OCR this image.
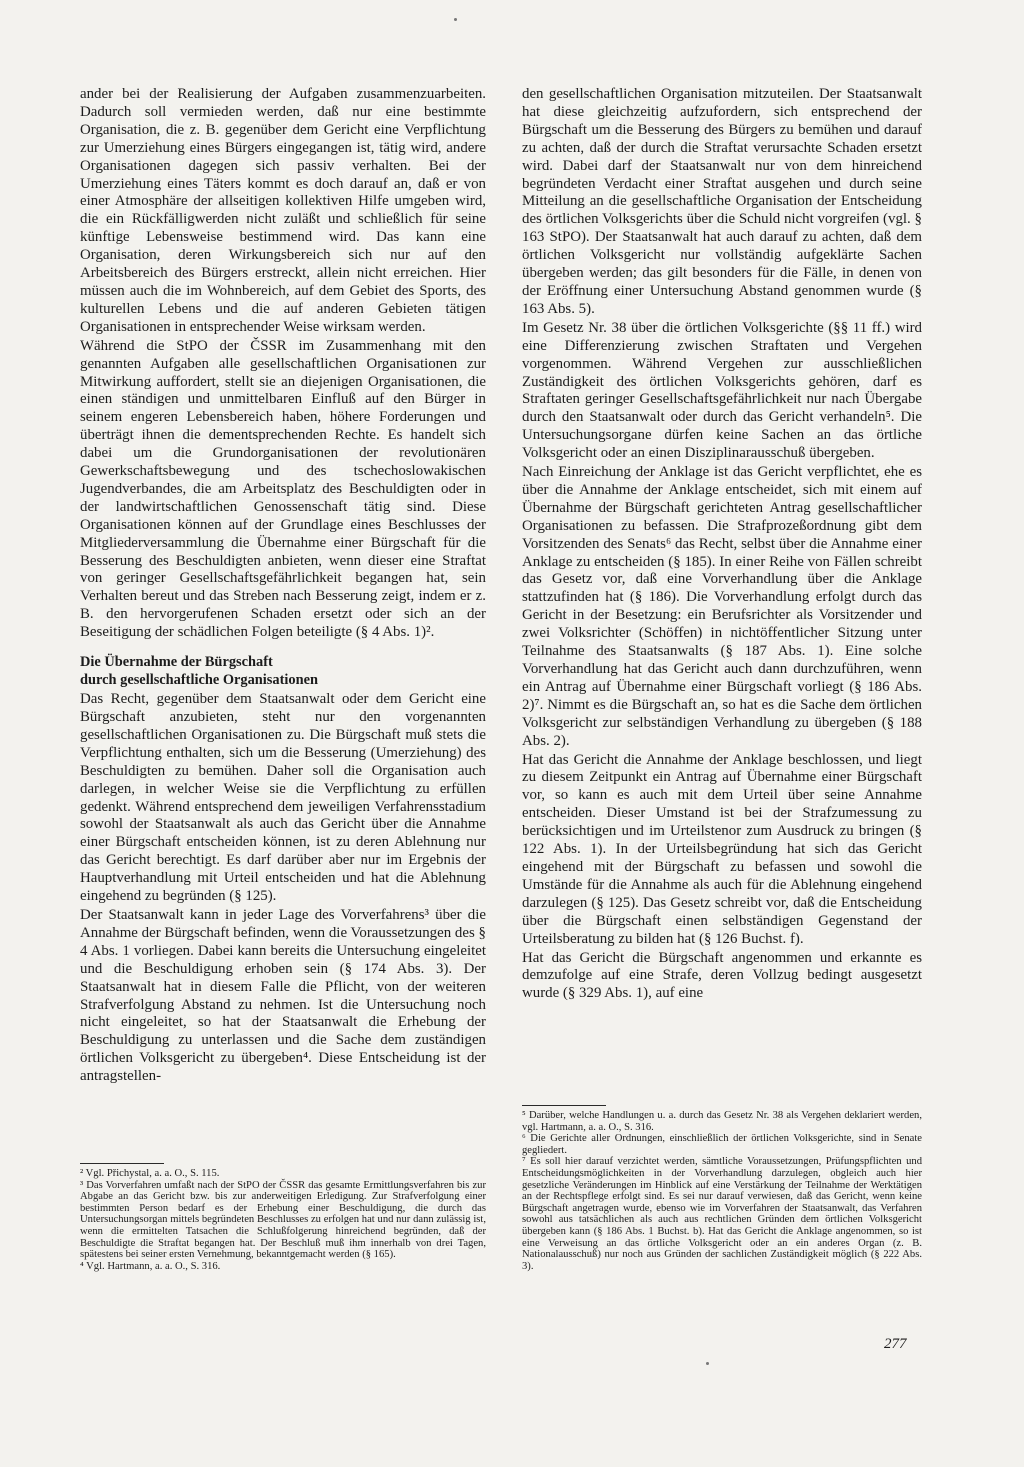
ander bei der Realisierung der Aufgaben zusammenzuarbeiten. Dadurch soll vermieden werden, daß nur eine bestimmte Organisation, die z. B. gegenüber dem Gericht eine Verpflichtung zur Umerziehung eines Bürgers eingegangen ist, tätig wird, andere Organisationen dagegen sich passiv verhalten. Bei der Umerziehung eines Täters kommt es doch darauf an, daß er von einer Atmosphäre der allseitigen kollektiven Hilfe umgeben wird, die ein Rückfälligwerden nicht zuläßt und schließlich für seine künftige Lebensweise bestimmend wird. Das kann eine Organisation, deren Wirkungsbereich sich nur auf den Arbeitsbereich des Bürgers erstreckt, allein nicht erreichen. Hier müssen auch die im Wohnbereich, auf dem Gebiet des Sports, des kulturellen Lebens und die auf anderen Gebieten tätigen Organisationen in entsprechender Weise wirksam werden.

Während die StPO der ČSSR im Zusammenhang mit den genannten Aufgaben alle gesellschaftlichen Organisationen zur Mitwirkung auffordert, stellt sie an diejenigen Organisationen, die einen ständigen und unmittelbaren Einfluß auf den Bürger in seinem engeren Lebensbereich haben, höhere Forderungen und überträgt ihnen die dementsprechenden Rechte. Es handelt sich dabei um die Grundorganisationen der revolutionären Gewerkschaftsbewegung und des tschechoslowakischen Jugendverbandes, die am Arbeitsplatz des Beschuldigten oder in der landwirtschaftlichen Genossenschaft tätig sind. Diese Organisationen können auf der Grundlage eines Beschlusses der Mitgliederversammlung die Übernahme einer Bürgschaft für die Besserung des Beschuldigten anbieten, wenn dieser eine Straftat von geringer Gesellschaftsgefährlichkeit begangen hat, sein Verhalten bereut und das Streben nach Besserung zeigt, indem er z. B. den hervorgerufenen Schaden ersetzt oder sich an der Beseitigung der schädlichen Folgen beteiligte (§ 4 Abs. 1)².

Die Übernahme der Bürgschaft
durch gesellschaftliche Organisationen

Das Recht, gegenüber dem Staatsanwalt oder dem Gericht eine Bürgschaft anzubieten, steht nur den vorgenannten gesellschaftlichen Organisationen zu. Die Bürgschaft muß stets die Verpflichtung enthalten, sich um die Besserung (Umerziehung) des Beschuldigten zu bemühen. Daher soll die Organisation auch darlegen, in welcher Weise sie die Verpflichtung zu erfüllen gedenkt. Während entsprechend dem jeweiligen Verfahrensstadium sowohl der Staatsanwalt als auch das Gericht über die Annahme einer Bürgschaft entscheiden können, ist zu deren Ablehnung nur das Gericht berechtigt. Es darf darüber aber nur im Ergebnis der Hauptverhandlung mit Urteil entscheiden und hat die Ablehnung eingehend zu begründen (§ 125).

Der Staatsanwalt kann in jeder Lage des Vorverfahrens³ über die Annahme der Bürgschaft befinden, wenn die Voraussetzungen des § 4 Abs. 1 vorliegen. Dabei kann bereits die Untersuchung eingeleitet und die Beschuldigung erhoben sein (§ 174 Abs. 3). Der Staatsanwalt hat in diesem Falle die Pflicht, von der weiteren Strafverfolgung Abstand zu nehmen. Ist die Untersuchung noch nicht eingeleitet, so hat der Staatsanwalt die Erhebung der Beschuldigung zu unterlassen und die Sache dem zuständigen örtlichen Volksgericht zu übergeben⁴. Diese Entscheidung ist der antragstellen-

den gesellschaftlichen Organisation mitzuteilen. Der Staatsanwalt hat diese gleichzeitig aufzufordern, sich entsprechend der Bürgschaft um die Besserung des Bürgers zu bemühen und darauf zu achten, daß der durch die Straftat verursachte Schaden ersetzt wird. Dabei darf der Staatsanwalt nur von dem hinreichend begründeten Verdacht einer Straftat ausgehen und durch seine Mitteilung an die gesellschaftliche Organisation der Entscheidung des örtlichen Volksgerichts über die Schuld nicht vorgreifen (vgl. § 163 StPO). Der Staatsanwalt hat auch darauf zu achten, daß dem örtlichen Volksgericht nur vollständig aufgeklärte Sachen übergeben werden; das gilt besonders für die Fälle, in denen von der Eröffnung einer Untersuchung Abstand genommen wurde (§ 163 Abs. 5).

Im Gesetz Nr. 38 über die örtlichen Volksgerichte (§§ 11 ff.) wird eine Differenzierung zwischen Straftaten und Vergehen vorgenommen. Während Vergehen zur ausschließlichen Zuständigkeit des örtlichen Volksgerichts gehören, darf es Straftaten geringer Gesellschaftsgefährlichkeit nur nach Übergabe durch den Staatsanwalt oder durch das Gericht verhandeln⁵. Die Untersuchungsorgane dürfen keine Sachen an das örtliche Volksgericht oder an einen Disziplinarausschuß übergeben.

Nach Einreichung der Anklage ist das Gericht verpflichtet, ehe es über die Annahme der Anklage entscheidet, sich mit einem auf Übernahme der Bürgschaft gerichteten Antrag gesellschaftlicher Organisationen zu befassen. Die Strafprozeßordnung gibt dem Vorsitzenden des Senats⁶ das Recht, selbst über die Annahme einer Anklage zu entscheiden (§ 185). In einer Reihe von Fällen schreibt das Gesetz vor, daß eine Vorverhandlung über die Anklage stattzufinden hat (§ 186). Die Vorverhandlung erfolgt durch das Gericht in der Besetzung: ein Berufsrichter als Vorsitzender und zwei Volksrichter (Schöffen) in nichtöffentlicher Sitzung unter Teilnahme des Staatsanwalts (§ 187 Abs. 1). Eine solche Vorverhandlung hat das Gericht auch dann durchzuführen, wenn ein Antrag auf Übernahme einer Bürgschaft vorliegt (§ 186 Abs. 2)⁷. Nimmt es die Bürgschaft an, so hat es die Sache dem örtlichen Volksgericht zur selbständigen Verhandlung zu übergeben (§ 188 Abs. 2).

Hat das Gericht die Annahme der Anklage beschlossen, und liegt zu diesem Zeitpunkt ein Antrag auf Übernahme einer Bürgschaft vor, so kann es auch mit dem Urteil über seine Annahme entscheiden. Dieser Umstand ist bei der Strafzumessung zu berücksichtigen und im Urteilstenor zum Ausdruck zu bringen (§ 122 Abs. 1). In der Urteilsbegründung hat sich das Gericht eingehend mit der Bürgschaft zu befassen und sowohl die Umstände für die Annahme als auch für die Ablehnung eingehend darzulegen (§ 125). Das Gesetz schreibt vor, daß die Entscheidung über die Bürgschaft einen selbständigen Gegenstand der Urteilsberatung zu bilden hat (§ 126 Buchst. f).

Hat das Gericht die Bürgschaft angenommen und erkannte es demzufolge auf eine Strafe, deren Vollzug bedingt ausgesetzt wurde (§ 329 Abs. 1), auf eine

² Vgl. Přichystal, a. a. O., S. 115.

³ Das Vorverfahren umfaßt nach der StPO der ČSSR das gesamte Ermittlungsverfahren bis zur Abgabe an das Gericht bzw. bis zur anderweitigen Erledigung. Zur Strafverfolgung einer bestimmten Person bedarf es der Erhebung einer Beschuldigung, die durch das Untersuchungsorgan mittels begründeten Beschlusses zu erfolgen hat und nur dann zulässig ist, wenn die ermittelten Tatsachen die Schlußfolgerung hinreichend begründen, daß der Beschuldigte die Straftat begangen hat. Der Beschluß muß ihm innerhalb von drei Tagen, spätestens bei seiner ersten Vernehmung, bekanntgemacht werden (§ 165).

⁴ Vgl. Hartmann, a. a. O., S. 316.

⁵ Darüber, welche Handlungen u. a. durch das Gesetz Nr. 38 als Vergehen deklariert werden, vgl. Hartmann, a. a. O., S. 316.

⁶ Die Gerichte aller Ordnungen, einschließlich der örtlichen Volksgerichte, sind in Senate gegliedert.

⁷ Es soll hier darauf verzichtet werden, sämtliche Voraussetzungen, Prüfungspflichten und Entscheidungsmöglichkeiten in der Vorverhandlung darzulegen, obgleich auch hier gesetzliche Veränderungen im Hinblick auf eine Verstärkung der Teilnahme der Werktätigen an der Rechtspflege erfolgt sind. Es sei nur darauf verwiesen, daß das Gericht, wenn keine Bürgschaft angetragen wurde, ebenso wie im Vorverfahren der Staatsanwalt, das Verfahren sowohl aus tatsächlichen als auch aus rechtlichen Gründen dem örtlichen Volksgericht übergeben kann (§ 186 Abs. 1 Buchst. b). Hat das Gericht die Anklage angenommen, so ist eine Verweisung an das örtliche Volksgericht oder an ein anderes Organ (z. B. Nationalausschuß) nur noch aus Gründen der sachlichen Zuständigkeit möglich (§ 222 Abs. 3).

277
